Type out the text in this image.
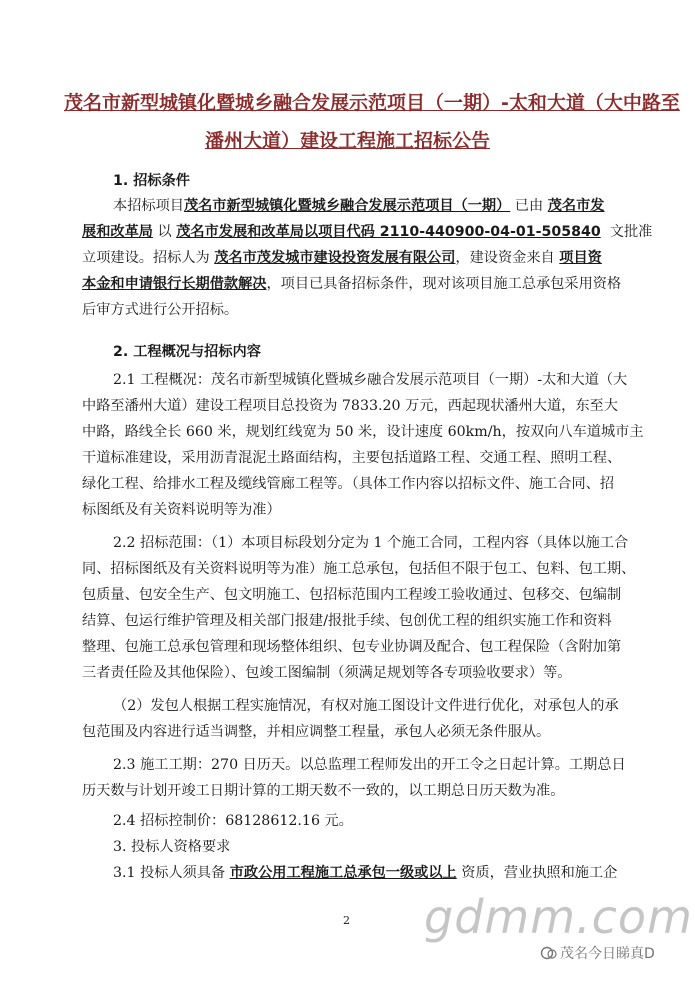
茂名市新型城镇化暨城乡融合发展示范项目（一期）-太和大道（大中路至
潘州大道）建设工程施工招标公告
1. 招标条件
本招标项目茂名市新型城镇化暨城乡融合发展示范项目（一期） 已由 茂名市发
展和改革局 以 茂名市发展和改革局以项目代码 2110-440900-04-01-505840 文批准
立项建设。招标人为 茂名市茂发城市建设投资发展有限公司，建设资金来自 项目资
本金和申请银行长期借款解决，项目已具备招标条件，现对该项目施工总承包采用资格
后审方式进行公开招标。
2. 工程概况与招标内容
2.1 工程概况：茂名市新型城镇化暨城乡融合发展示范项目（一期）-太和大道（大
中路至潘州大道）建设工程项目总投资为 7833.20 万元，西起现状潘州大道，东至大
中路，路线全长 660 米，规划红线宽为 50 米，设计速度 60km/h，按双向八车道城市主
干道标准建设，采用沥青混泥土路面结构，主要包括道路工程、交通工程、照明工程、
绿化工程、给排水工程及缆线管廊工程等。（具体工作内容以招标文件、施工合同、招
标图纸及有关资料说明等为准）
2.2 招标范围：（1）本项目标段划分定为 1 个施工合同，工程内容（具体以施工合
同、招标图纸及有关资料说明等为准）施工总承包，包括但不限于包工、包料、包工期、
包质量、包安全生产、包文明施工、包招标范围内工程竣工验收通过、包移交、包编制
结算、包运行维护管理及相关部门报建/报批手续、包创优工程的组织实施工作和资料
整理、包施工总承包管理和现场整体组织、包专业协调及配合、包工程保险（含附加第
三者责任险及其他保险）、包竣工图编制（须满足规划等各专项验收要求）等。
（2）发包人根据工程实施情况，有权对施工图设计文件进行优化，对承包人的承
包范围及内容进行适当调整，并相应调整工程量，承包人必须无条件服从。
2.3 施工工期：270 日历天。以总监理工程师发出的开工令之日起计算。工期总日
历天数与计划开竣工日期计算的工期天数不一致的，以工期总日历天数为准。
2.4 招标控制价：68128612.16 元。
3. 投标人资格要求
3.1 投标人须具备 市政公用工程施工总承包一级或以上 资质，营业执照和施工企
2 gdmm.com
茂名今日睇真D
